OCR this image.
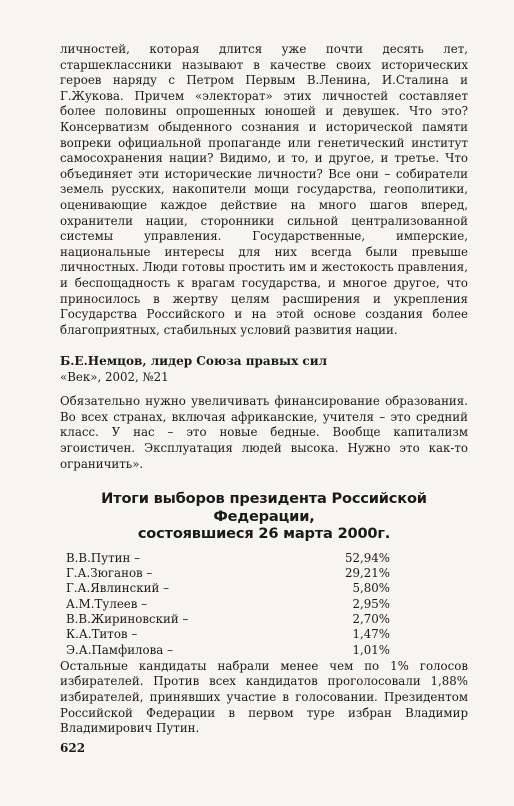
личностей, которая длится уже почти десять лет, старшеклассники называют в качестве своих исторических героев наряду с Петром Первым В.Ленина, И.Сталина и Г.Жукова. Причем «электорат» этих личностей составляет более половины опрошенных юношей и девушек. Что это? Консерватизм обыденного сознания и исторической памяти вопреки официальной пропаганде или генетический институт самосохранения нации? Видимо, и то, и другое, и третье. Что объединяет эти исторические личности? Все они – собиратели земель русских, накопители мощи государства, геополитики, оценивающие каждое действие на много шагов вперед, охранители нации, сторонники сильной централизованной системы управления. Государственные, имперские, национальные интересы для них всегда были превыше личностных. Люди готовы простить им и жестокость правления, и беспощадность к врагам государства, и многое другое, что приносилось в жертву целям расширения и укрепления Государства Российского и на этой основе создания более благоприятных, стабильных условий развития нации.

Б.Е.Немцов, лидер Союза правых сил
«Век», 2002, №21

Обязательно нужно увеличивать финансирование образования. Во всех странах, включая африканские, учителя – это средний класс. У нас – это новые бедные. Вообще капитализм эгоистичен. Эксплуатация людей высока. Нужно это как-то ограничить».

Итоги выборов президента Российской Федерации,
состоявшиеся 26 марта 2000г.
В.В.Путин –	52,94%
Г.А.Зюганов –	29,21%
Г.А.Явлинский –	5,80%
А.М.Тулеев –	2,95%
В.В.Жириновский –	2,70%
К.А.Титов –	1,47%
Э.А.Памфилова –	1,01%

Остальные кандидаты набрали менее чем по 1% голосов избирателей. Против всех кандидатов проголосовали 1,88% избирателей, принявших участие в голосовании. Президентом Российской Федерации в первом туре избран Владимир Владимирович Путин.

622
